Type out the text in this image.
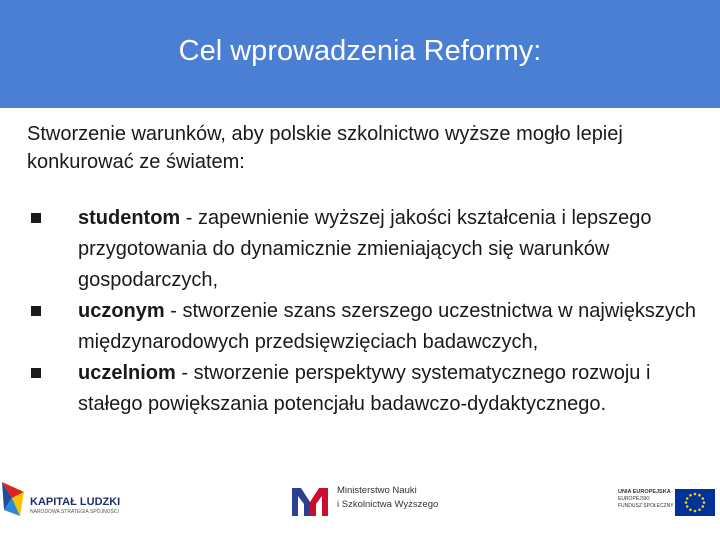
Cel wprowadzenia Reformy:

Stworzenie warunków, aby polskie szkolnictwo wyższe mogło lepiej konkurować ze światem:

studentom - zapewnienie wyższej jakości kształcenia i lepszego przygotowania do dynamicznie zmieniających się warunków gospodarczych,
uczonym - stworzenie szans szerszego uczestnictwa w największych międzynarodowych przedsięwzięciach badawczych,
uczelniom - stworzenie perspektywy systematycznego rozwoju i stałego powiększania potencjału badawczo-dydaktycznego.
KAPITAŁ LUDZKI
NARODOWA STRATEGIA SPÓJNOŚCI
Ministerstwo Nauki
i Szkolnictwa Wyższego
UNIA EUROPEJSKA
EUROPEJSKI
FUNDUSZ SPOŁECZNY
